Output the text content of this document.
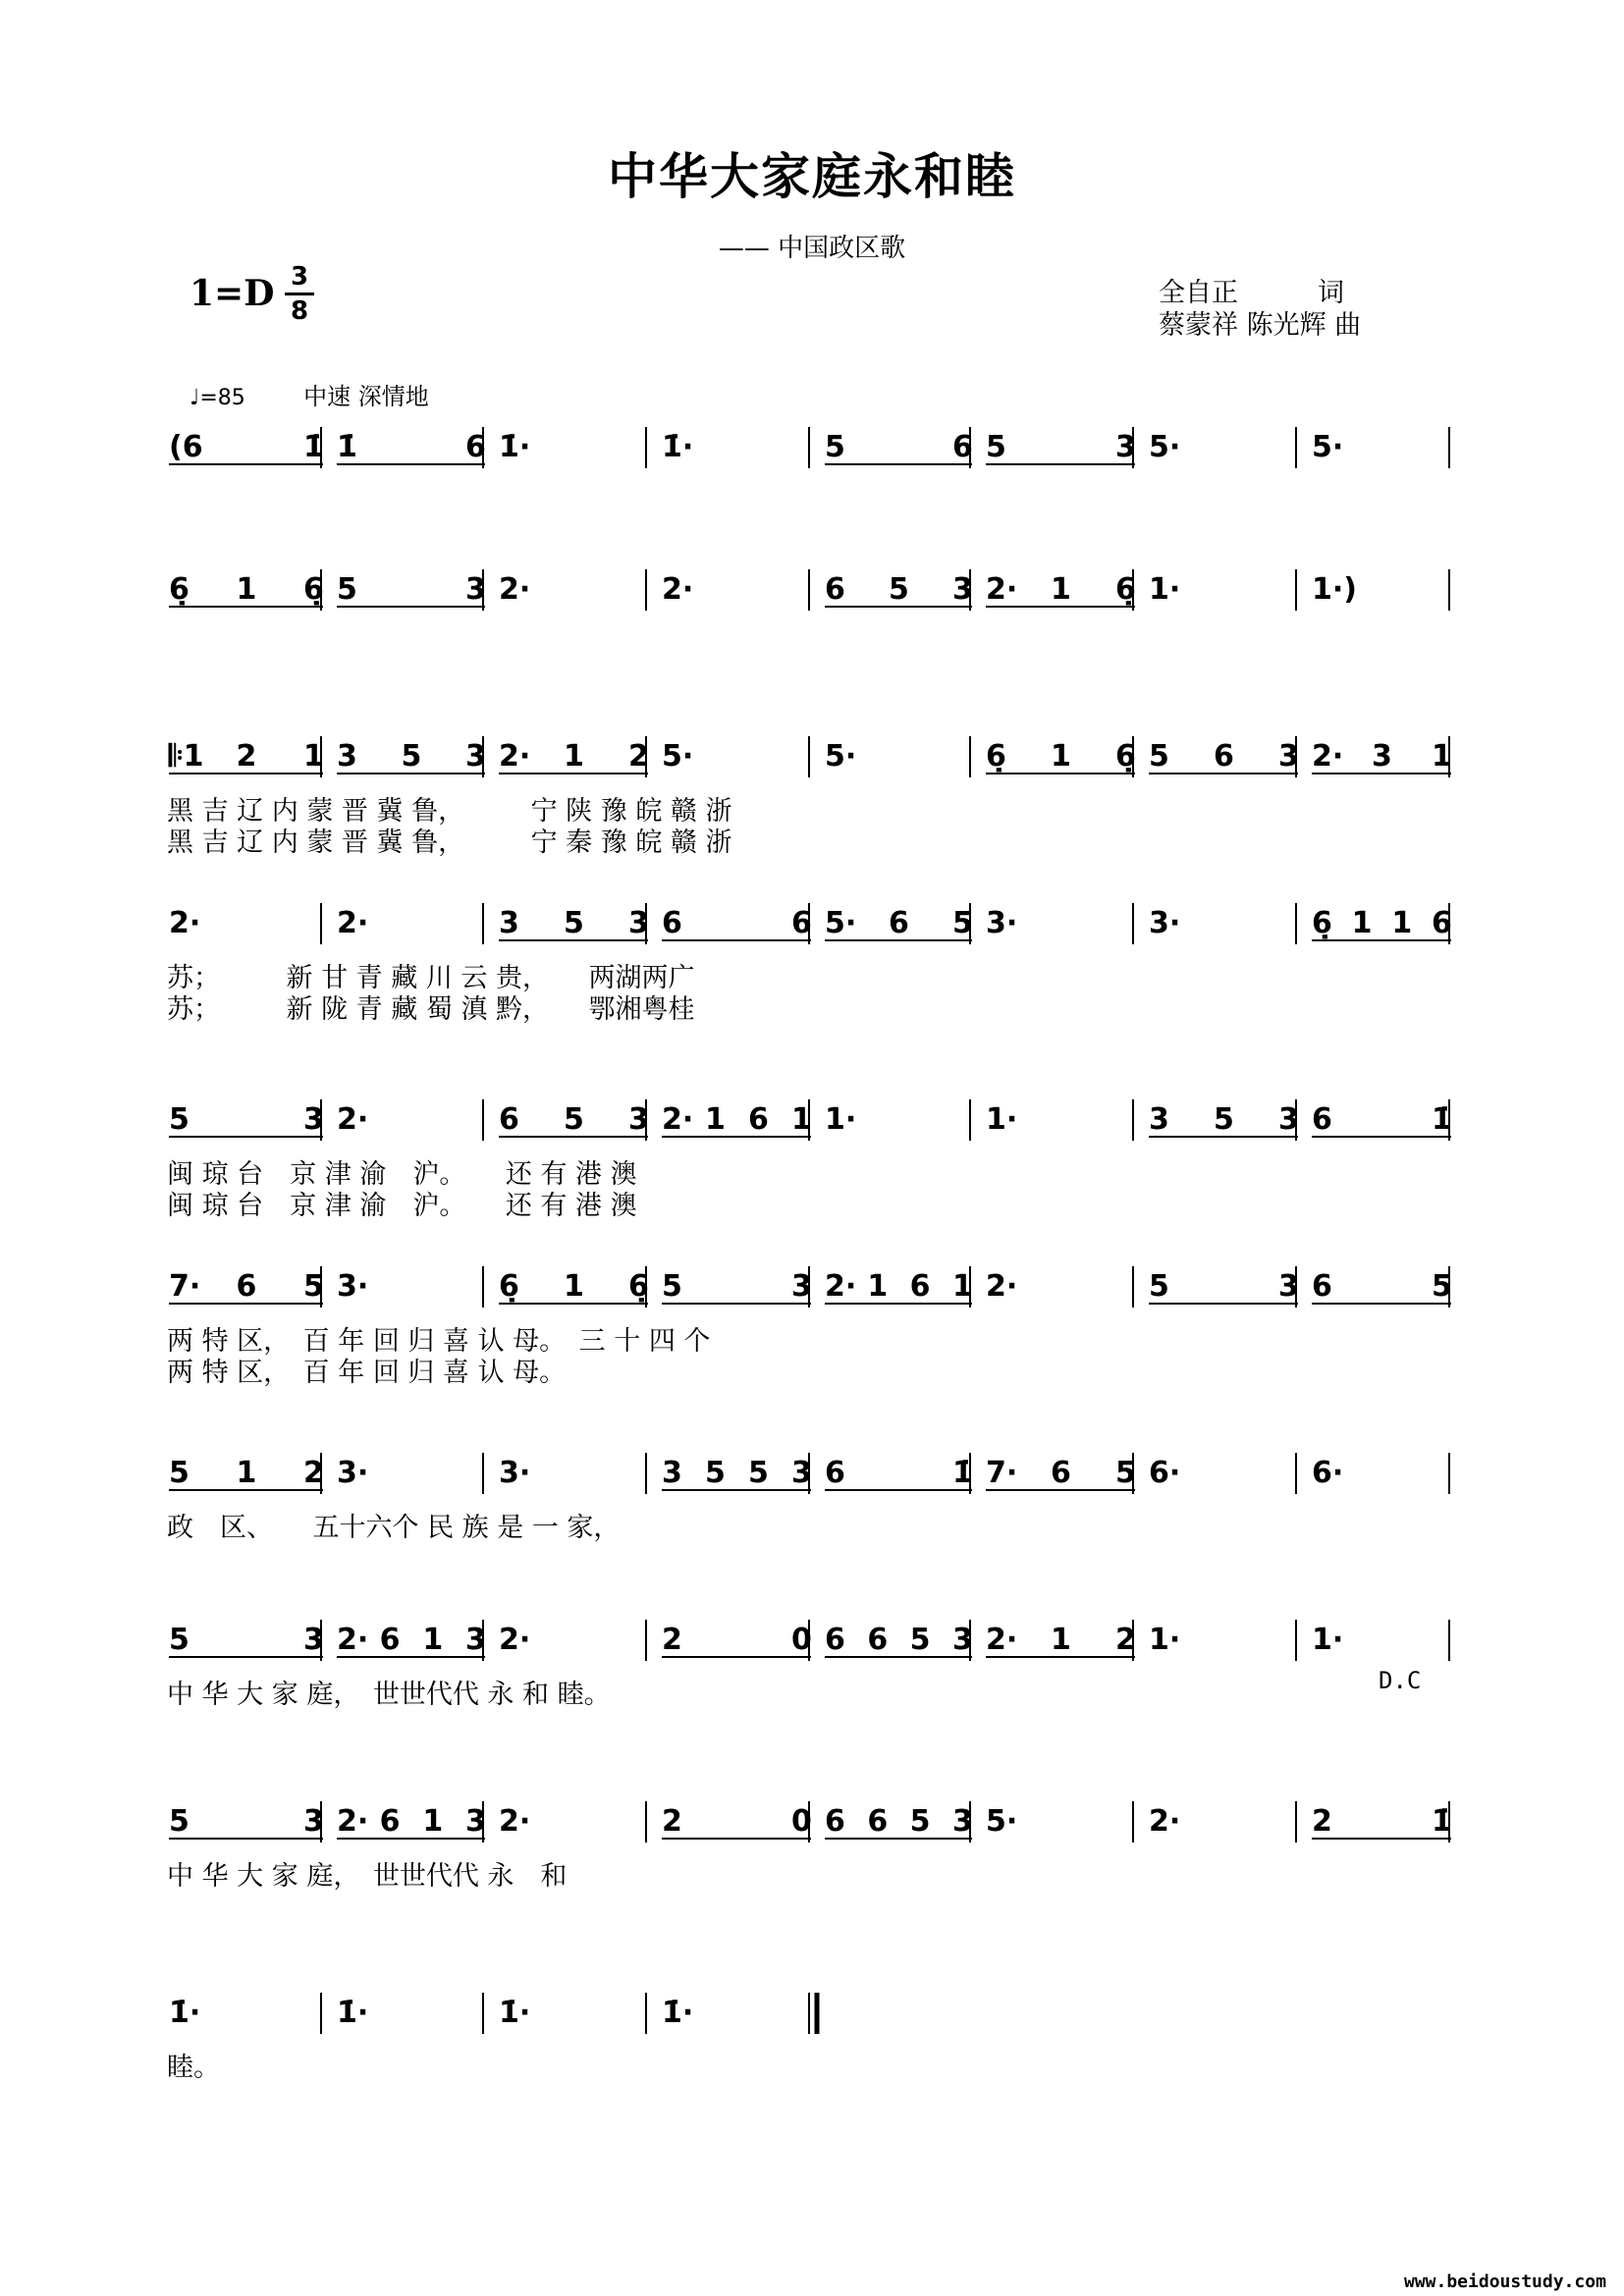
中华大家庭永和睦
—— 中国政区歌
1=D 3
8
全自正　　　词
蔡蒙祥 陈光辉 曲
♩=85 中速 深情地
(6	1̇ 1̇	6 1̇·	1̇·	5	6 5	3 5·	5·
6̣ 1 6̣ 5	3 2·	2·	6 5 3 2· 1 6̣ 1·	1·)
𝄆1 2 1 3 5 3 2· 1 2 5·	5·	6̣ 1 6̣ 5 6 3 2· 3 1
黑 吉 辽 内 蒙 晋 冀 鲁，　　　宁 陕 豫 皖 赣 浙
黑 吉 辽 内 蒙 晋 冀 鲁，　　　宁 秦 豫 皖 赣 浙
2·	2·	3 5 3 6	6 5· 6 5 3·	3·	6̣ 1 1 6
苏；　　　新 甘 青 藏 川 云 贵，　　两湖两广
苏；　　　新 陇 青 藏 蜀 滇 黔，　　鄂湘粤桂
5	3 2·	6 5 3 2· 1 6 1 1·	1·	3 5 3 6	1̇
闽 琼 台　京 津 渝　沪。　　还 有 港 澳
闽 琼 台　京 津 渝　沪。　　还 有 港 澳
7· 6 5 3·	6̣ 1 6̣ 5	3 2· 1 6 1 2·	5	3 6	5
两 特 区，　百 年 回 归 喜 认 母。　三 十 四 个
两 特 区，　百 年 回 归 喜 认 母。
5 1 2 3·	3·	3 5 5 3 6	1̇ 7· 6 5 6·	6·
政　区、　　五十六个 民 族 是 一 家，
5	3 2· 6 1 3 2·	2	0 6 6 5 3 2· 1 2 1·	1·
中 华 大 家 庭，　世世代代 永 和 睦。
5	3 2· 6 1 3 2·	2	0 6 6 5 3 5·	2·	2	1̇
中 华 大 家 庭，　世世代代 永　和
1̇·	1̇·	1̇·	1̇·
睦。
D.C
www.beidoustudy.com
